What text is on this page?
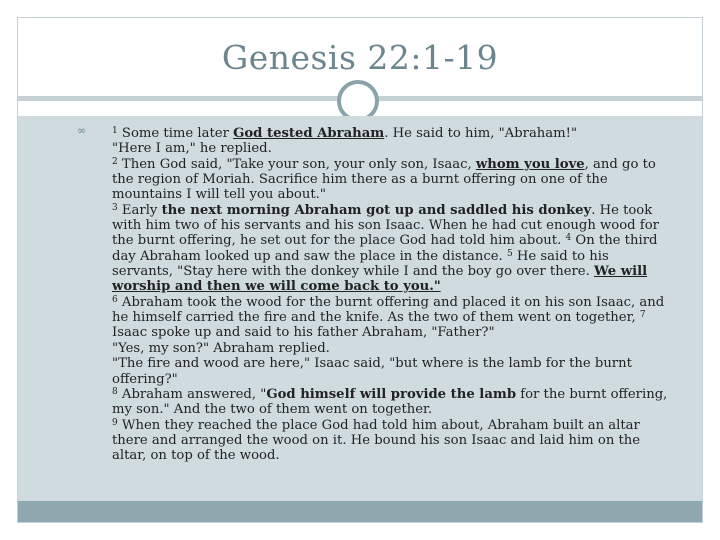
Genesis 22:1-19
∞	$^1$ Some time later God tested Abraham. He said to him, "Abraham!"

"Here I am," he replied.

$^2$ Then God said, "Take your son, your only son, Isaac, whom you love, and go to the region of Moriah. Sacrifice him there as a burnt offering on one of the mountains I will tell you about."

$^3$ Early the next morning Abraham got up and saddled his donkey. He took with him two of his servants and his son Isaac. When he had cut enough wood for the burnt offering, he set out for the place God had told him about. $^4$ On the third day Abraham looked up and saw the place in the distance. $^5$ He said to his servants, "Stay here with the donkey while I and the boy go over there. We will worship and then we will come back to you."

$^6$ Abraham took the wood for the burnt offering and placed it on his son Isaac, and he himself carried the fire and the knife. As the two of them went on together, $^7$ Isaac spoke up and said to his father Abraham, "Father?"

"Yes, my son?" Abraham replied.

"The fire and wood are here," Isaac said, "but where is the lamb for the burnt offering?"

$^8$ Abraham answered, "God himself will provide the lamb for the burnt offering, my son." And the two of them went on together.

$^9$ When they reached the place God had told him about, Abraham built an altar there and arranged the wood on it. He bound his son Isaac and laid him on the altar, on top of the wood.
